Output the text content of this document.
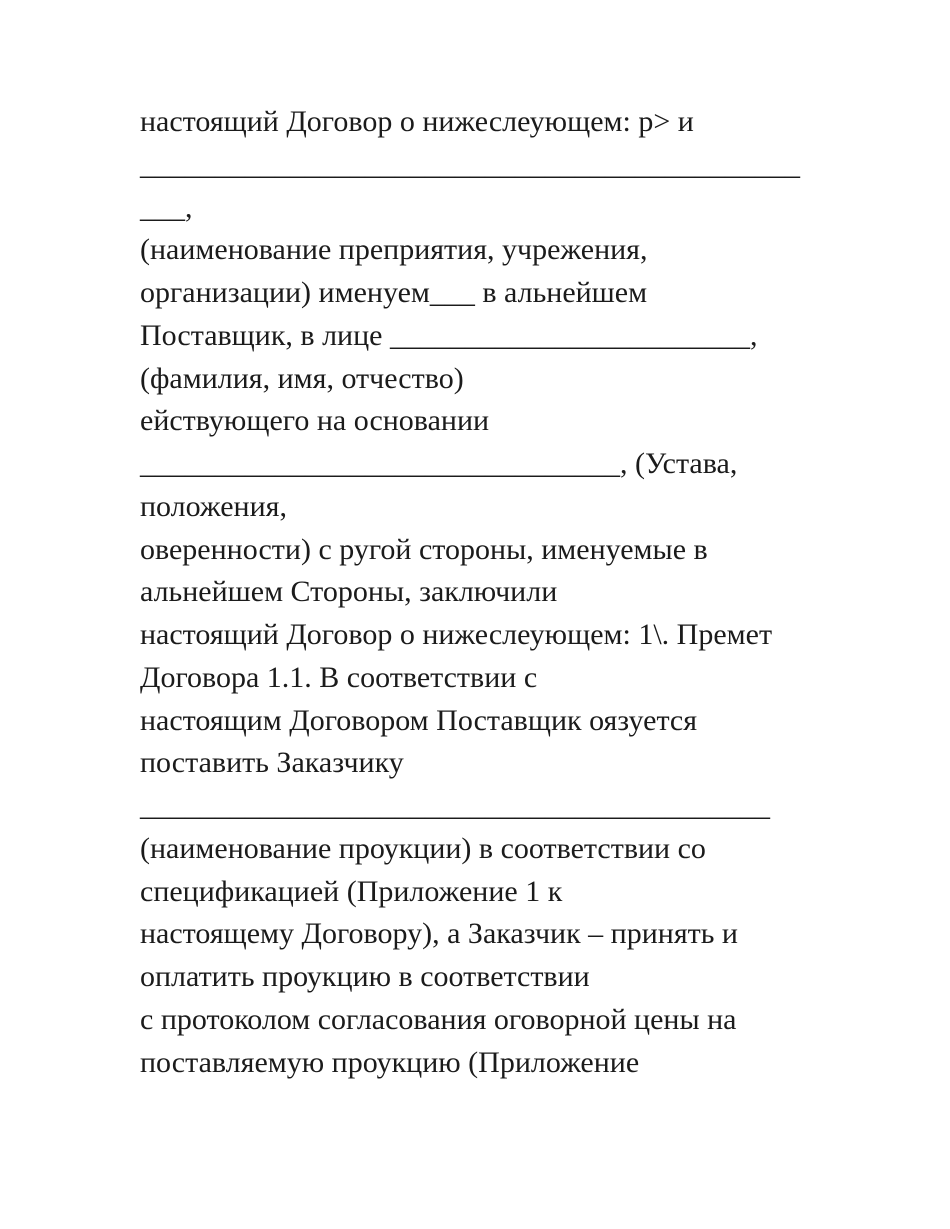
настоящий Договор о нижеслеующем: p> и
____________________________________________
___,
(наименование преприятия, учрежения,
организации) именуем___ в альнейшем
Поставщик, в лице ________________________,
(фамилия, имя, отчество)
ействующего на основании
________________________________, (Устава,
положения,
оверенности) с ругой стороны, именуемые в
альнейшем Стороны, заключили
настоящий Договор о нижеслеующем: 1\. Премет
Договора 1.1. В соответствии с
настоящим Договором Поставщик оязуется
поставить Заказчику
__________________________________________
(наименование проукции) в соответствии со
спецификацией (Приложение 1 к
настоящему Договору), а Заказчик – принять и
оплатить проукцию в соответствии
с протоколом согласования оговорной цены на
поставляемую проукцию (Приложение
